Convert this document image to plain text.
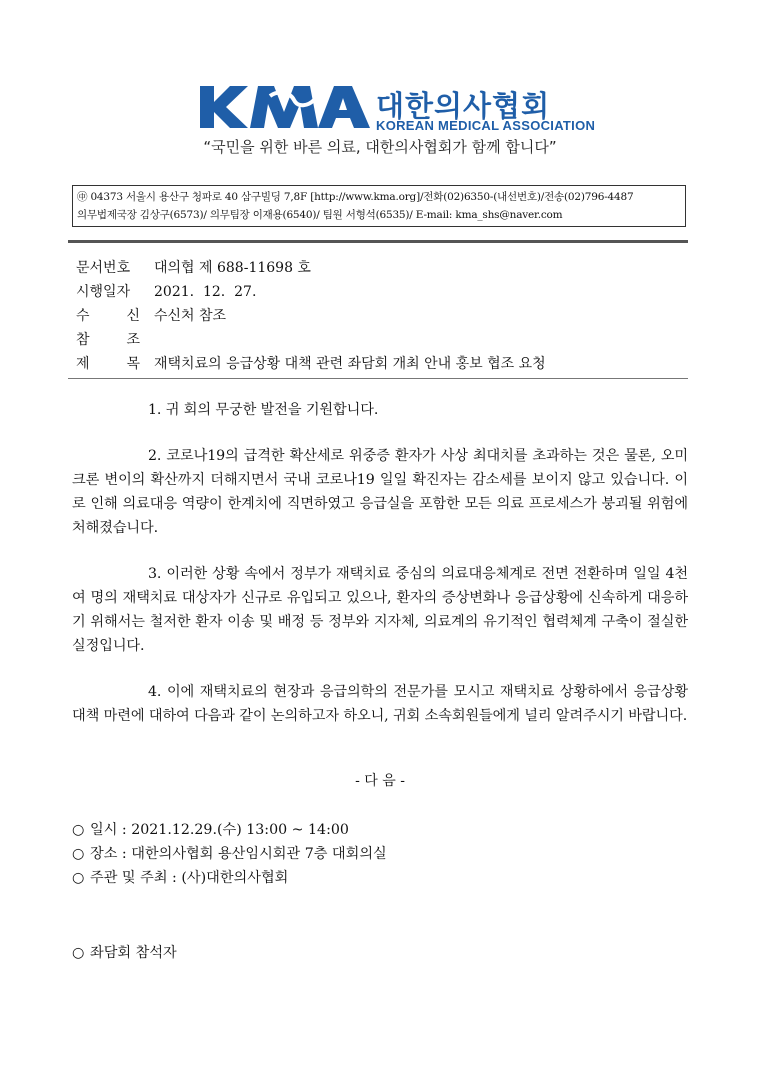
대한의사협회
KOREAN MEDICAL ASSOCIATION
“국민을 위한 바른 의료, 대한의사협회가 함께 합니다”
㊥ 04373 서울시 용산구 청파로 40 삼구빌딩 7,8F [http://www.kma.org]/전화(02)6350-(내선번호)/전송(02)796-4487
의무법제국장 김상구(6573)/ 의무팀장 이재용(6540)/ 팀원 서형석(6535)/ E-mail: kma_shs@naver.com
문서번호 대의협 제 688-11698 호
시행일자 2021.  12.  27.
수 신 수신처 참조
참 조
제 목 재택치료의 응급상황 대책 관련 좌담회 개최 안내 홍보 협조 요청

1. 귀 회의 무궁한 발전을 기원합니다.

2. 코로나19의 급격한 확산세로 위중증 환자가 사상 최대치를 초과하는 것은 물론, 오미크론 변이의 확산까지 더해지면서 국내 코로나19 일일 확진자는 감소세를 보이지 않고 있습니다. 이로 인해 의료대응 역량이 한계치에 직면하였고 응급실을 포함한 모든 의료 프로세스가 붕괴될 위험에 처해졌습니다.

3. 이러한 상황 속에서 정부가 재택치료 중심의 의료대응체계로 전면 전환하며 일일 4천여 명의 재택치료 대상자가 신규로 유입되고 있으나, 환자의 증상변화나 응급상황에 신속하게 대응하기 위해서는 철저한 환자 이송 및 배정 등 정부와 지자체, 의료계의 유기적인 협력체계 구축이 절실한 실정입니다.

4. 이에 재택치료의 현장과 응급의학의 전문가를 모시고 재택치료 상황하에서 응급상황 대책 마련에 대하여 다음과 같이 논의하고자 하오니, 귀회 소속회원들에게 널리 알려주시기 바랍니다.

- 다 음 -
○ 일시 : 2021.12.29.(수) 13:00 ~ 14:00
○ 장소 : 대한의사협회 용산임시회관 7층 대회의실
○ 주관 및 주최 : (사)대한의사협회
○ 좌담회 참석자
